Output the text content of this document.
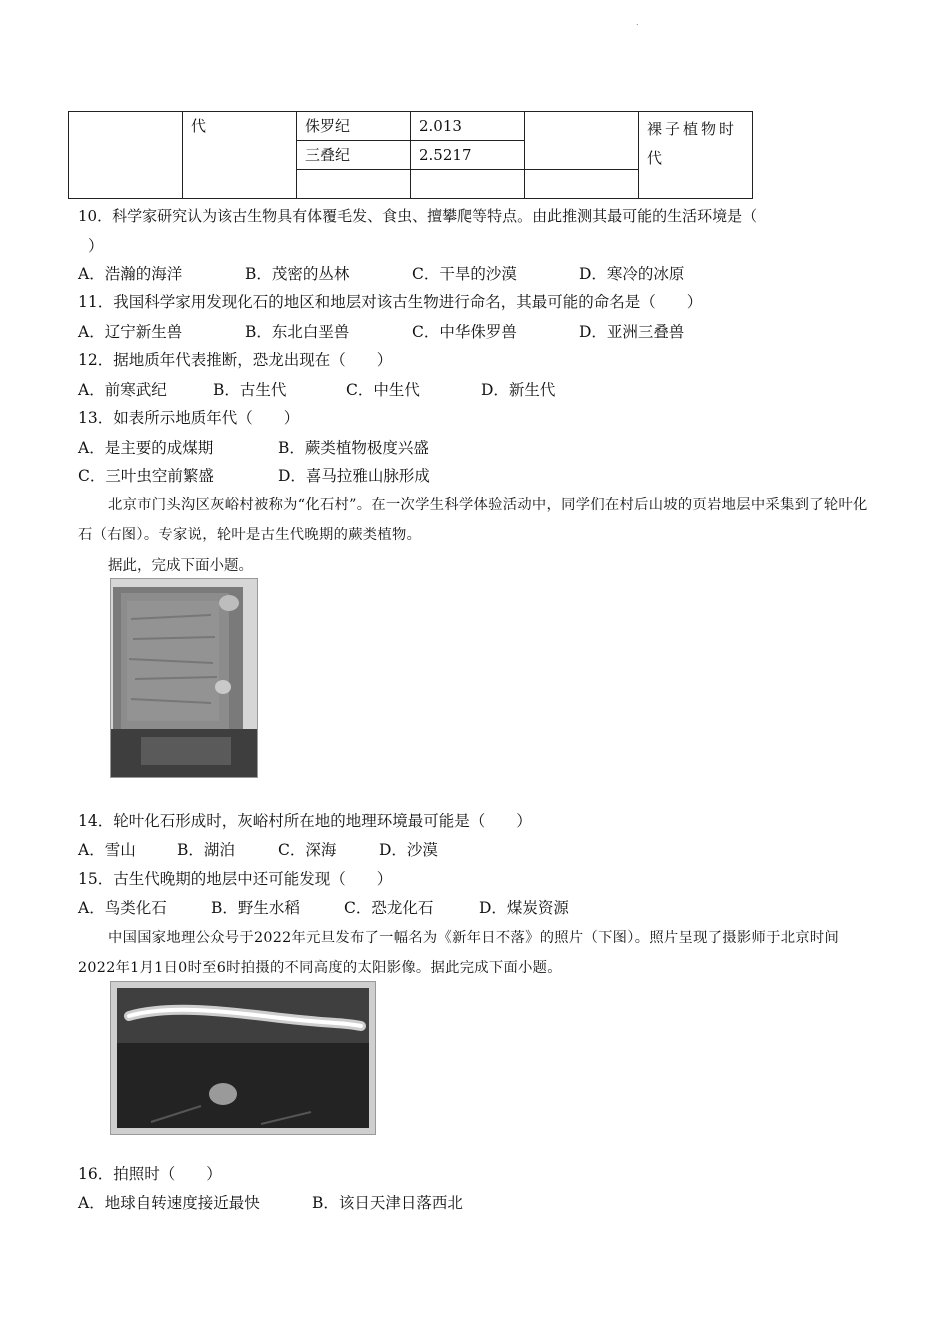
.
	代	侏罗纪	2.013		裸子植物时代
		三叠纪	2.5217		

10．科学家研究认为该古生物具有体覆毛发、食虫、擅攀爬等特点。由此推测其最可能的生活环境是（
）
A．浩瀚的海洋	B．茂密的丛林	C．干旱的沙漠	D．寒冷的冰原
11．我国科学家用发现化石的地区和地层对该古生物进行命名，其最可能的命名是（　　）
A．辽宁新生兽	B．东北白垩兽	C．中华侏罗兽	D．亚洲三叠兽
12．据地质年代表推断，恐龙出现在（　　）
A．前寒武纪	B．古生代	C．中生代	D．新生代
13．如表所示地质年代（　　）
A．是主要的成煤期	B．蕨类植物极度兴盛
C．三叶虫空前繁盛	D．喜马拉雅山脉形成
北京市门头沟区灰峪村被称为“化石村”。在一次学生科学体验活动中，同学们在村后山坡的页岩地层中采集到了轮叶化石（右图）。专家说，轮叶是古生代晚期的蕨类植物。
据此，完成下面小题。
14．轮叶化石形成时，灰峪村所在地的地理环境最可能是（　　）
A．雪山	B．湖泊	C．深海	D．沙漠
15．古生代晚期的地层中还可能发现（　　）
A．鸟类化石	B．野生水稻	C．恐龙化石	D．煤炭资源
中国国家地理公众号于2022年元旦发布了一幅名为《新年日不落》的照片（下图）。照片呈现了摄影师于北京时间2022年1月1日0时至6时拍摄的不同高度的太阳影像。据此完成下面小题。
16．拍照时（　　）
A．地球自转速度接近最快	B．该日天津日落西北
